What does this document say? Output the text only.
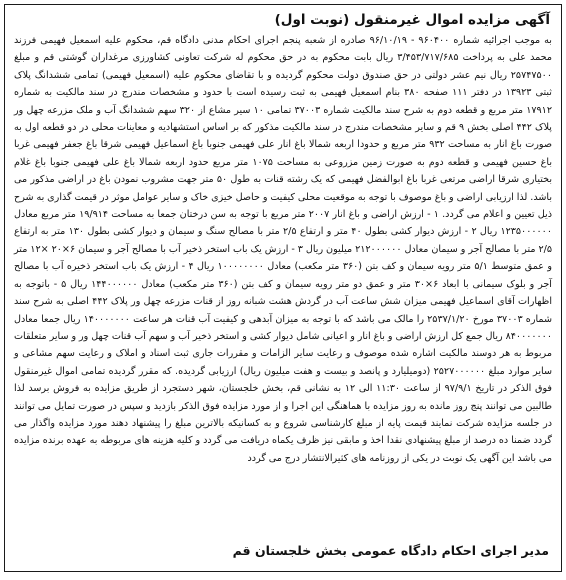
آگهی مزایده اموال غیرمنقول (نوبت اول)

به موجب اجرائیه شماره ۹۶۰۴۰۰ - ۹۶/۱۰/۱۹ صادره از شعبه پنجم اجرای احکام مدنی دادگاه قم، محکوم علیه اسمعیل فهیمی فرزند محمد علی به پرداخت ۳/۴۵۳/۷۱۷/۶۸۵ ریال بابت محکوم به در حق محکوم له شرکت تعاونی کشاورزی مرغداران گوشتی قم و مبلغ ۲۵۷۴۷۵۰۰ ریال نیم عشر دولتی در حق صندوق دولت محکوم گردیده و با تقاضای محکوم علیه (اسمعیل فهیمی) تمامی ششدانگ پلاک ثبتی ۱۳۹۲۳ در دفتر ۱۱۱ صفحه ۳۸۰ بنام اسمعیل فهیمی به ثبت رسیده است با حدود و مشخصات مندرج در سند مالکیت به شماره ۱۷۹۱۲ متر مربع و قطعه دوم به شرح سند مالکیت شماره ۳۷۰۰۳ تمامی ۱۰ سیر مشاع از ۳۲۰ سهم ششدانگ آب و ملک مزرعه چهل ور پلاک ۴۴۲ اصلی بخش ۹ قم و سایر مشخصات مندرج در سند مالکیت مذکور که بر اساس استشهادیه و معاینات محلی در دو قطعه اول به صورت باغ انار به مساحت ۹۳۲ متر مربع و حدودا اربعه شمالا باغ انار علی فهیمی جنوبا باغ اسماعیل فهیمی شرقا باغ جعفر فهیمی غربا باغ حسین فهیمی و قطعه دوم به صورت زمین مزروعی به مساحت ۱۰۷۵ متر مربع حدود اربعه شمالا باغ علی فهیمی جنوبا باغ غلام بختیاری شرقا اراضی مرتعی غربا باغ ابوالفضل فهیمی که یک رشته قنات به طول ۵۰ متر جهت مشروب نمودن باغ در اراضی مذکور می باشد. لذا ارزیابی اراضی و باغ موصوف با توجه به موقعیت محلی کیفیت و حاصل خیزی خاک و سایر عوامل موثر در قیمت گذاری به شرح ذیل تعیین و اعلام می گردد. ۱ - ارزش اراضی و باغ انار ۲۰۰۷ متر مربع با توجه به سن درختان جمعا به مساحت ۱۹/۹۱۴ متر مربع معادل ۱۲۳۵۰۰۰۰۰۰ ریال ۲ - ارزش دیوار کشی بطول ۴۰ متر و ارتفاع ۲/۵ متر با مصالح سنگ و سیمان و دیوار کشی بطول ۱۳۰ متر به ارتفاع ۲/۵ متر با مصالح آجر و سیمان معادل ۲۱۲۰۰۰۰۰۰ میلیون ریال ۳ - ارزش یک باب استخر ذخیر آب با مصالح آجر و سیمان ۶×۲۰ ×۱۲ متر و عمق متوسط ۵/۱ متر رویه سیمان و کف بتن (۳۶۰ متر مکعب) معادل ۱۰۰۰۰۰۰۰۰ ریال ۴ - ارزش یک باب استخر ذخیره آب با مصالح آجر و بلوک سیمانی با ابعاد ۶×۳۰ متر و عمق دو متر رویه سیمان و کف بتن (۳۶۰ متر مکعب) معادل ۱۴۴۰۰۰۰۰۰ ریال ۵ - باتوجه به اظهارات آقای اسماعیل فهیمی میزان شش ساعت آب در گردش هشت شبانه روز از قنات مزرعه چهل ور پلاک ۴۴۲ اصلی به شرح سند شماره ۳۷۰۰۳ مورخ ۲۵۳۷/۱/۲۰ را مالک می باشد که با توجه به میزان آبدهی و کیفیت آب قنات هر ساعت ۱۴۰۰۰۰۰۰۰ ریال جمعا معادل ۸۴۰۰۰۰۰۰۰ ریال جمع کل ارزش اراضی و باغ انار و اعیانی شامل دیوار کشی و استخر ذخیر آب و سهم آب قنات چهل ور و سایر متعلقات مربوط به هر دوسند مالکیت اشاره شده موصوف و رعایت سایر الزامات و مقررات جاری ثبت اسناد و املاک و رعایت سهم مشاعی و سایر موارد مبلغ ۲۵۲۷۰۰۰۰۰۰ (دومیلیارد و پانصد و بیست و هفت میلیون ریال) ارزیابی گردیده. که مقرر گردیده تمامی اموال غیرمنقول فوق الذکر در تاریخ ۹۷/۹/۱ از ساعت ۱۱:۳۰ الی ۱۲ به نشانی قم، بخش خلجستان، شهر دستجرد از طریق مزایده به فروش برسد لذا طالبین می توانند پنج روز مانده به روز مزایده با هماهنگی این اجرا و از مورد مزایده فوق الذکر بازدید و سپس در صورت تمایل می توانند در جلسه مزایده شرکت نمایند قیمت پایه از مبلغ کارشناسی شروع و به کسانیکه بالاترین مبلغ را پیشنهاد دهند مورد مزایده واگذار می گردد ضمنا ده درصد از مبلغ پیشنهادی نقدا اخذ و مابقی نیز ظرف یکماه دریافت می گردد و کلیه هزینه های مربوطه به عهده برنده مزایده می باشد این آگهی یک نوبت در یکی از روزنامه های کثیرالانتشار درج می گردد

مدیر اجرای احکام دادگاه عمومی بخش خلجستان قم
